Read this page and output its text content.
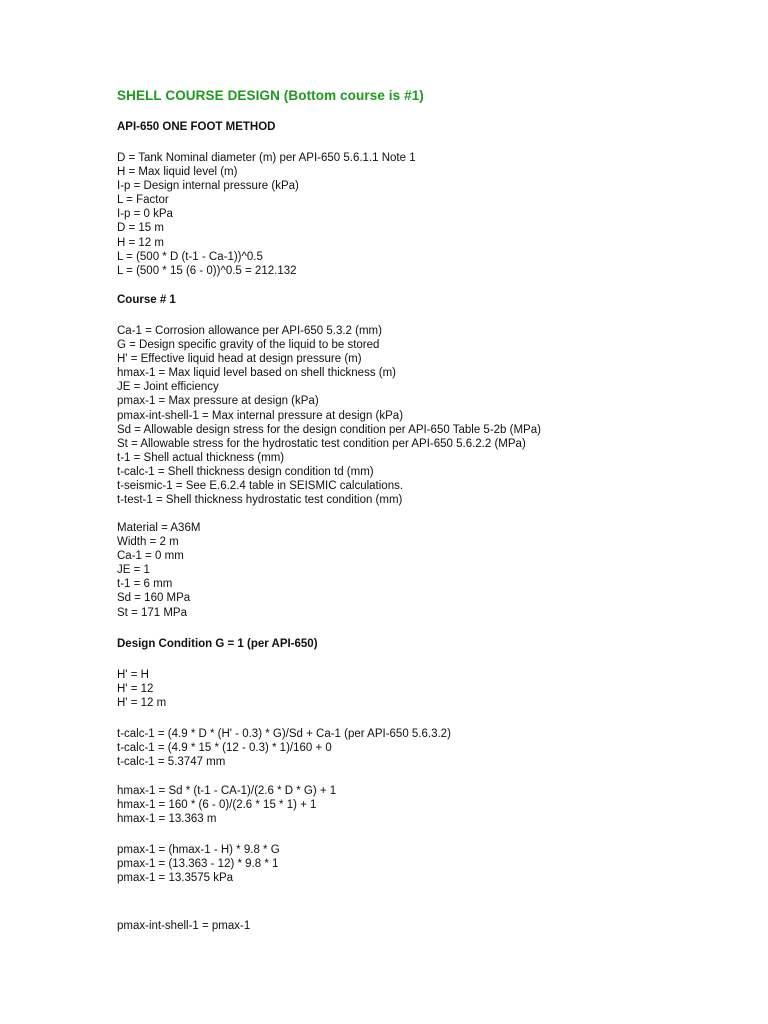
SHELL COURSE DESIGN (Bottom course is #1)
API-650 ONE FOOT METHOD
D = Tank Nominal diameter (m) per API-650 5.6.1.1 Note 1
H = Max liquid level (m)
I-p = Design internal pressure (kPa)
L = Factor
I-p = 0 kPa
D = 15 m
H = 12 m
L = (500 * D (t-1 - Ca-1))^0.5
L = (500 * 15 (6 - 0))^0.5 = 212.132
Course # 1
Ca-1 = Corrosion allowance per API-650 5.3.2 (mm)
G = Design specific gravity of the liquid to be stored
H' = Effective liquid head at design pressure (m)
hmax-1 = Max liquid level based on shell thickness (m)
JE = Joint efficiency
pmax-1 = Max pressure at design (kPa)
pmax-int-shell-1 = Max internal pressure at design (kPa)
Sd = Allowable design stress for the design condition per API-650 Table 5-2b (MPa)
St = Allowable stress for the hydrostatic test condition per API-650 5.6.2.2 (MPa)
t-1 = Shell actual thickness (mm)
t-calc-1 = Shell thickness design condition td (mm)
t-seismic-1 = See E.6.2.4 table in SEISMIC calculations.
t-test-1 = Shell thickness hydrostatic test condition (mm)
Material = A36M
Width = 2 m
Ca-1 = 0 mm
JE = 1
t-1 = 6 mm
Sd = 160 MPa
St = 171 MPa
Design Condition G = 1 (per API-650)
H' = H
H' = 12
H' = 12 m
t-calc-1 = (4.9 * D * (H' - 0.3) * G)/Sd + Ca-1 (per API-650 5.6.3.2)
t-calc-1 = (4.9 * 15 * (12 - 0.3) * 1)/160 + 0
t-calc-1 = 5.3747 mm
hmax-1 = Sd * (t-1 - CA-1)/(2.6 * D * G) + 1
hmax-1 = 160 * (6 - 0)/(2.6 * 15 * 1) + 1
hmax-1 = 13.363 m
pmax-1 = (hmax-1 - H) * 9.8 * G
pmax-1 = (13.363 - 12) * 9.8 * 1
pmax-1 = 13.3575 kPa
pmax-int-shell-1 = pmax-1
